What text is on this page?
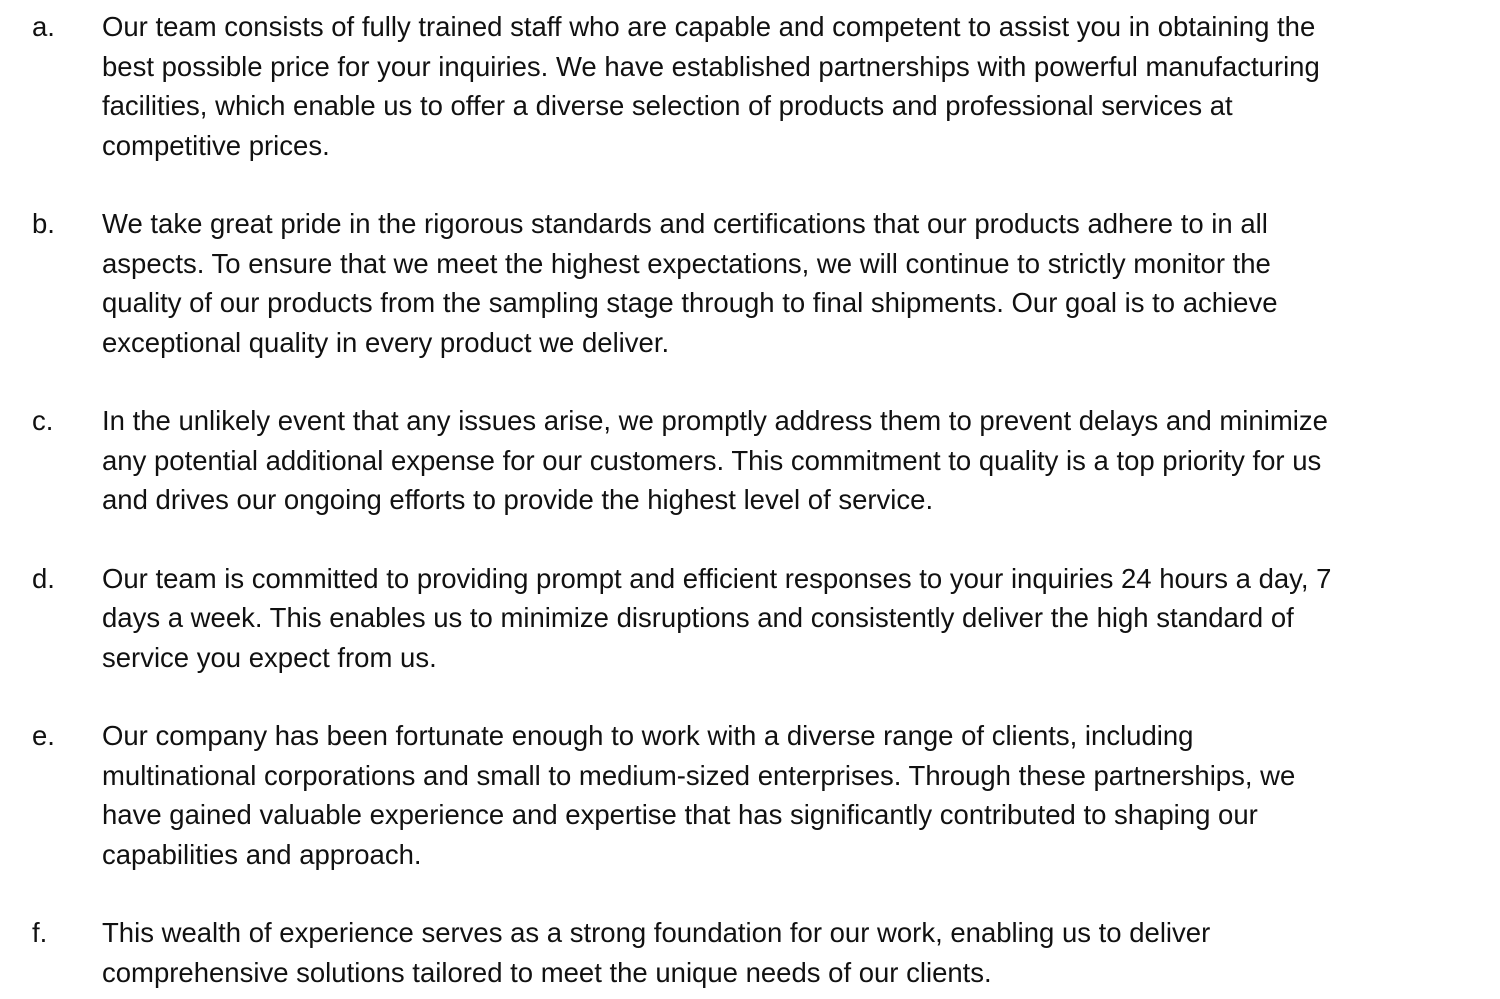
a.	Our team consists of fully trained staff who are capable and competent to assist you in obtaining the
best possible price for your inquiries. We have established partnerships with powerful manufacturing
facilities, which enable us to offer a diverse selection of products and professional services at
competitive prices.
b.	We take great pride in the rigorous standards and certifications that our products adhere to in all
aspects. To ensure that we meet the highest expectations, we will continue to strictly monitor the
quality of our products from the sampling stage through to final shipments. Our goal is to achieve
exceptional quality in every product we deliver.
c.	In the unlikely event that any issues arise, we promptly address them to prevent delays and minimize
any potential additional expense for our customers. This commitment to quality is a top priority for us
and drives our ongoing efforts to provide the highest level of service.
d.	Our team is committed to providing prompt and efficient responses to your inquiries 24 hours a day, 7
days a week. This enables us to minimize disruptions and consistently deliver the high standard of
service you expect from us.
e.	Our company has been fortunate enough to work with a diverse range of clients, including
multinational corporations and small to medium-sized enterprises. Through these partnerships, we
have gained valuable experience and expertise that has significantly contributed to shaping our
capabilities and approach.
f.	This wealth of experience serves as a strong foundation for our work, enabling us to deliver
comprehensive solutions tailored to meet the unique needs of our clients.
